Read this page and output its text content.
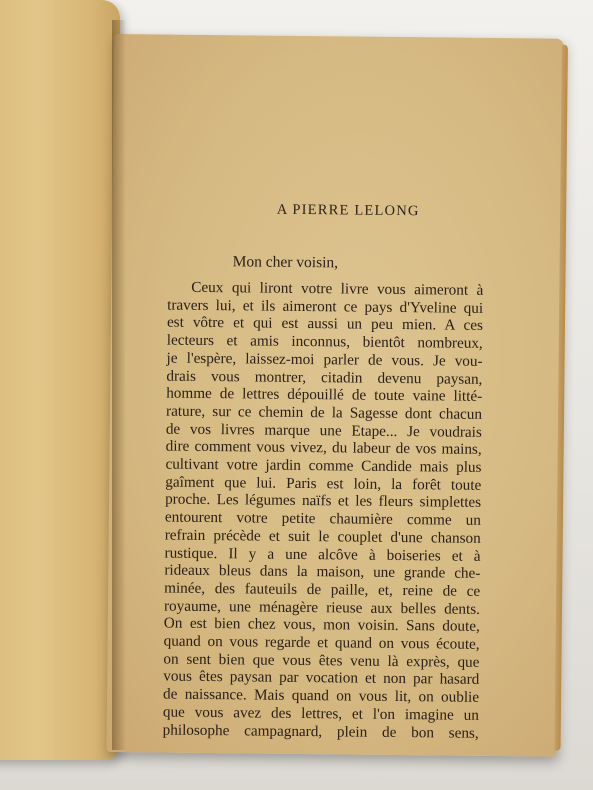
A PIERRE LELONG
Mon cher voisin,
Ceux qui liront votre livre vous aimeront à
travers lui, et ils aimeront ce pays d'Yveline qui
est vôtre et qui est aussi un peu mien. A ces
lecteurs et amis inconnus, bientôt nombreux,
je l'espère, laissez-moi parler de vous. Je vou-
drais vous montrer, citadin devenu paysan,
homme de lettres dépouillé de toute vaine litté-
rature, sur ce chemin de la Sagesse dont chacun
de vos livres marque une Etape... Je voudrais
dire comment vous vivez, du labeur de vos mains,
cultivant votre jardin comme Candide mais plus
gaîment que lui. Paris est loin, la forêt toute
proche. Les légumes naïfs et les fleurs simplettes
entourent votre petite chaumière comme un
refrain précède et suit le couplet d'une chanson
rustique. Il y a une alcôve à boiseries et à
rideaux bleus dans la maison, une grande che-
minée, des fauteuils de paille, et, reine de ce
royaume, une ménagère rieuse aux belles dents.
On est bien chez vous, mon voisin. Sans doute,
quand on vous regarde et quand on vous écoute,
on sent bien que vous êtes venu là exprès, que
vous êtes paysan par vocation et non par hasard
de naissance. Mais quand on vous lit, on oublie
que vous avez des lettres, et l'on imagine un
philosophe campagnard, plein de bon sens,
